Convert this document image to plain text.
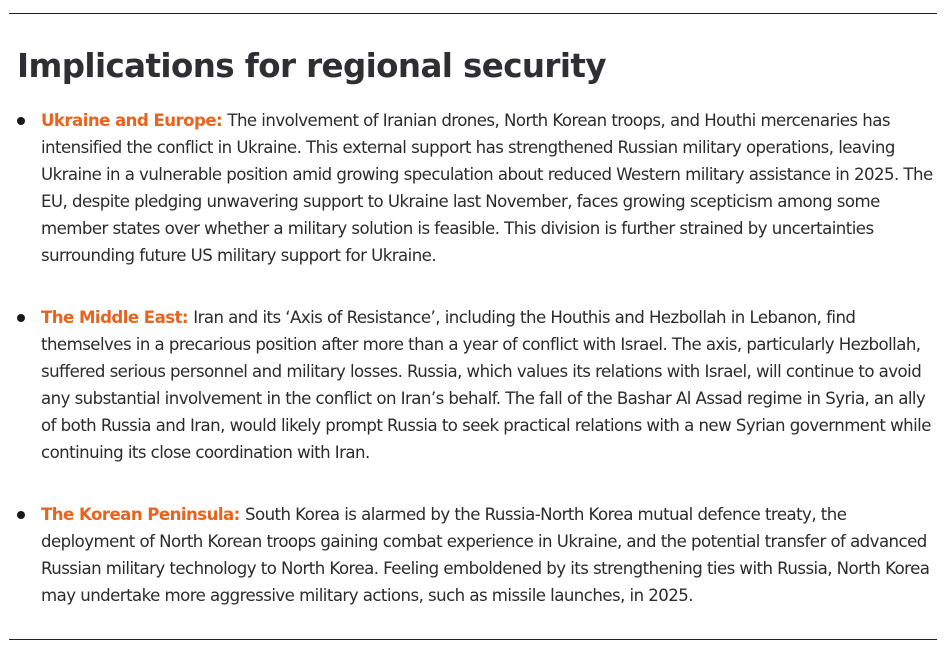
Implications for regional security
Ukraine and Europe: The involvement of Iranian drones, North Korean troops, and Houthi mercenaries has intensified the conflict in Ukraine. This external support has strengthened Russian military operations, leaving Ukraine in a vulnerable position amid growing speculation about reduced Western military assistance in 2025. The EU, despite pledging unwavering support to Ukraine last November, faces growing scepticism among some member states over whether a military solution is feasible. This division is further strained by uncertainties surrounding future US military support for Ukraine.
The Middle East: Iran and its ‘Axis of Resistance’, including the Houthis and Hezbollah in Lebanon, find themselves in a precarious position after more than a year of conflict with Israel. The axis, particularly Hezbollah, suffered serious personnel and military losses. Russia, which values its relations with Israel, will continue to avoid any substantial involvement in the conflict on Iran’s behalf. The fall of the Bashar Al Assad regime in Syria, an ally of both Russia and Iran, would likely prompt Russia to seek practical relations with a new Syrian government while continuing its close coordination with Iran.
The Korean Peninsula: South Korea is alarmed by the Russia-North Korea mutual defence treaty, the deployment of North Korean troops gaining combat experience in Ukraine, and the potential transfer of advanced Russian military technology to North Korea. Feeling emboldened by its strengthening ties with Russia, North Korea may undertake more aggressive military actions, such as missile launches, in 2025.
